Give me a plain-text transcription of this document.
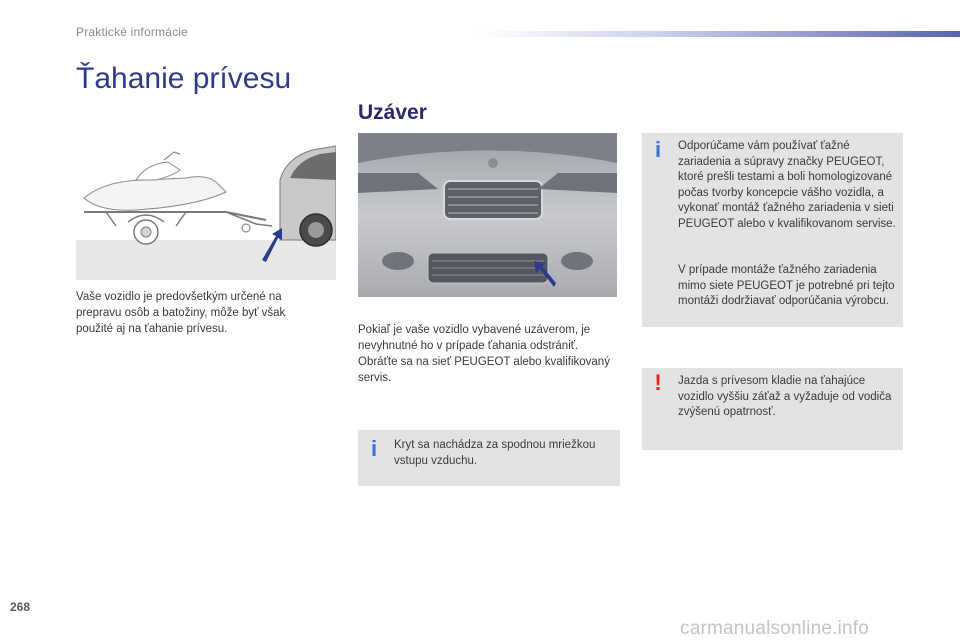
Praktické informácie
Ťahanie prívesu
Uzáver
Vaše vozidlo je predovšetkým určené na prepravu osôb a batožiny, môže byť však použité aj na ťahanie prívesu.	Pokiaľ je vaše vozidlo vybavené uzáverom, je nevyhnutné ho v prípade ťahania odstrániť. Obráťte sa na sieť PEUGEOT alebo kvalifikovaný servis.
i Kryt sa nachádza za spodnou mriežkou vstupu vzduchu.
i Odporúčame vám používať ťažné zariadenia a súpravy značky PEUGEOT, ktoré prešli testami a boli homologizované počas tvorby koncepcie vášho vozidla, a vykonať montáž ťažného zariadenia v sieti PEUGEOT alebo v kvalifikovanom servise.
V prípade montáže ťažného zariadenia mimo siete PEUGEOT je potrebné pri tejto montáži dodržiavať odporúčania výrobcu.
! Jazda s prívesom kladie na ťahajúce vozidlo vyššiu záťaž a vyžaduje od vodiča zvýšenú opatrnosť.
268
carmanualsonline.info
